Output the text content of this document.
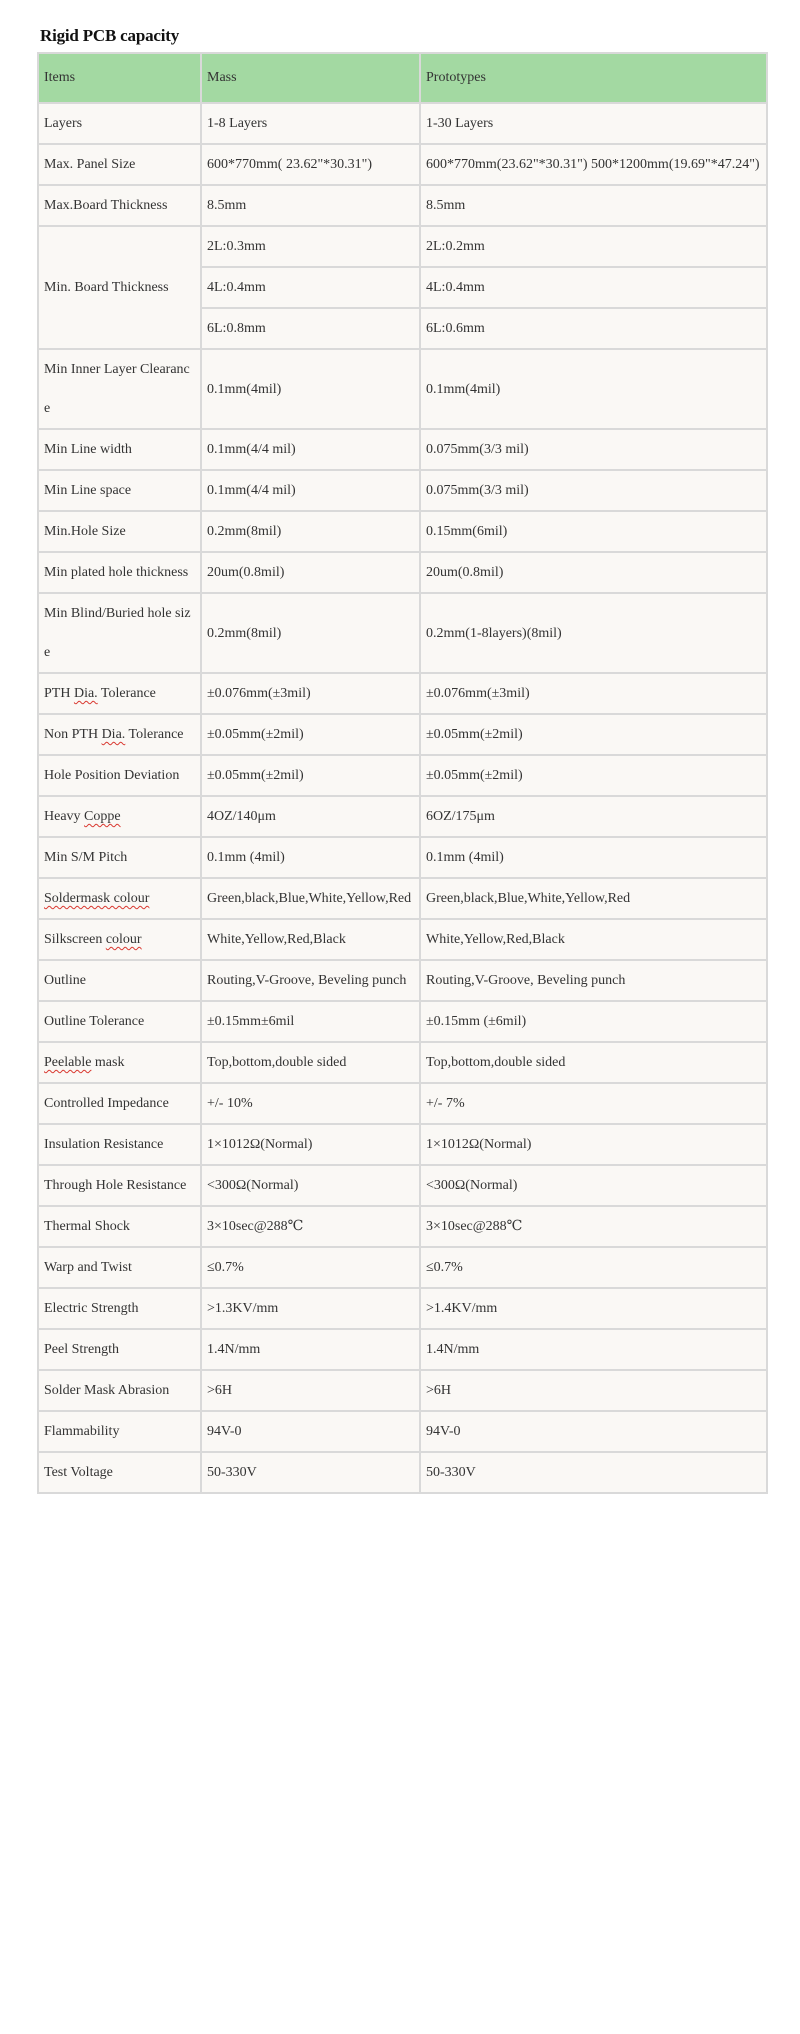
Rigid PCB capacity
Items	Mass	Prototypes
Layers	1-8 Layers	1-30 Layers
Max. Panel Size	600*770mm( 23.62"*30.31")	600*770mm(23.62"*30.31") 500*1200mm(19.69"*47.24")
Max.Board Thickness	8.5mm	8.5mm
Min. Board Thickness	2L:0.3mm	2L:0.2mm
	4L:0.4mm	4L:0.4mm
	6L:0.8mm	6L:0.6mm
Min Inner Layer Clearance	0.1mm(4mil)	0.1mm(4mil)
Min Line width	0.1mm(4/4 mil)	0.075mm(3/3 mil)
Min Line space	0.1mm(4/4 mil)	0.075mm(3/3 mil)
Min.Hole Size	0.2mm(8mil)	0.15mm(6mil)
Min plated hole thickness	20um(0.8mil)	20um(0.8mil)
Min Blind/Buried hole size	0.2mm(8mil)	0.2mm(1-8layers)(8mil)
PTH Dia. Tolerance	±0.076mm(±3mil)	±0.076mm(±3mil)
Non PTH Dia. Tolerance	±0.05mm(±2mil)	±0.05mm(±2mil)
Hole Position Deviation	±0.05mm(±2mil)	±0.05mm(±2mil)
Heavy Coppe	4OZ/140μm	6OZ/175μm
Min S/M Pitch	0.1mm (4mil)	0.1mm (4mil)
Soldermask colour	Green,black,Blue,White,Yellow,Red	Green,black,Blue,White,Yellow,Red
Silkscreen colour	White,Yellow,Red,Black	White,Yellow,Red,Black
Outline	Routing,V-Groove, Beveling punch	Routing,V-Groove, Beveling punch
Outline Tolerance	±0.15mm±6mil	±0.15mm (±6mil)
Peelable mask	Top,bottom,double sided	Top,bottom,double sided
Controlled Impedance	+/- 10%	+/- 7%
Insulation Resistance	1×1012Ω(Normal)	1×1012Ω(Normal)
Through Hole Resistance	<300Ω(Normal)	<300Ω(Normal)
Thermal Shock	3×10sec@288℃	3×10sec@288℃
Warp and Twist	≤0.7%	≤0.7%
Electric Strength	>1.3KV/mm	>1.4KV/mm
Peel Strength	1.4N/mm	1.4N/mm
Solder Mask Abrasion	>6H	>6H
Flammability	94V-0	94V-0
Test Voltage	50-330V	50-330V
